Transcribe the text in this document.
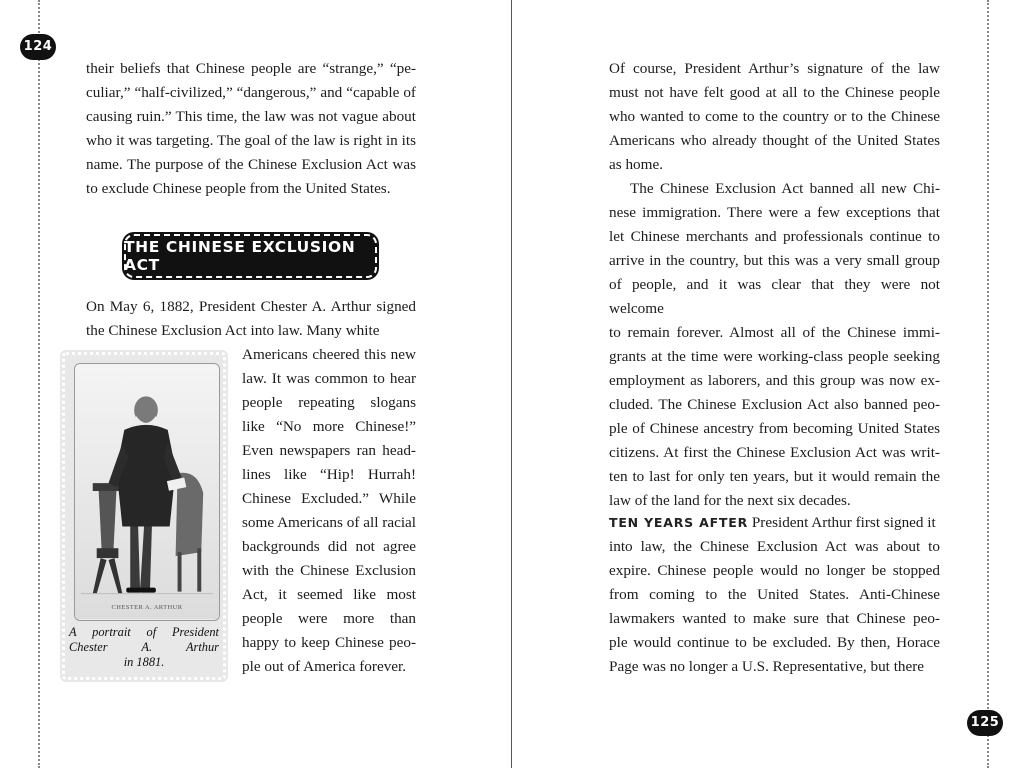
124
their beliefs that Chinese people are “strange,” “pe-
culiar,” “half-civilized,” “dangerous,” and “capable of
causing ruin.” This time, the law was not vague about
who it was targeting. The goal of the law is right in its
name. The purpose of the Chinese Exclusion Act was
to exclude Chinese people from the United States.
THE CHINESE EXCLUSION ACT
On May 6, 1882, President Chester A. Arthur signed
the Chinese Exclusion Act into law. Many white
Americans cheered this new
law. It was common to hear
people repeating slogans
like “No more Chinese!”
Even newspapers ran head-
lines like “Hip! Hurrah!
Chinese Excluded.” While
some Americans of all racial
backgrounds did not agree
with the Chinese Exclusion
Act, it seemed like most
people were more than
happy to keep Chinese peo-
ple out of America forever.
CHESTER A. ARTHUR
A portrait of President
Chester A. Arthur
in 1881.
Of course, President Arthur’s signature of the law
must not have felt good at all to the Chinese people
who wanted to come to the country or to the Chinese
Americans who already thought of the United States
as home.
The Chinese Exclusion Act banned all new Chi-
nese immigration. There were a few exceptions that
let Chinese merchants and professionals continue to
arrive in the country, but this was a very small group
of people, and it was clear that they were not welcome
to remain forever. Almost all of the Chinese immi-
grants at the time were working-class people seeking
employment as laborers, and this group was now ex-
cluded. The Chinese Exclusion Act also banned peo-
ple of Chinese ancestry from becoming United States
citizens. At first the Chinese Exclusion Act was writ-
ten to last for only ten years, but it would remain the
law of the land for the next six decades.

TEN YEARS AFTER President Arthur first signed it

into law, the Chinese Exclusion Act was about to
expire. Chinese people would no longer be stopped
from coming to the United States. Anti-Chinese
lawmakers wanted to make sure that Chinese peo-
ple would continue to be excluded. By then, Horace
Page was no longer a U.S. Representative, but there
125
